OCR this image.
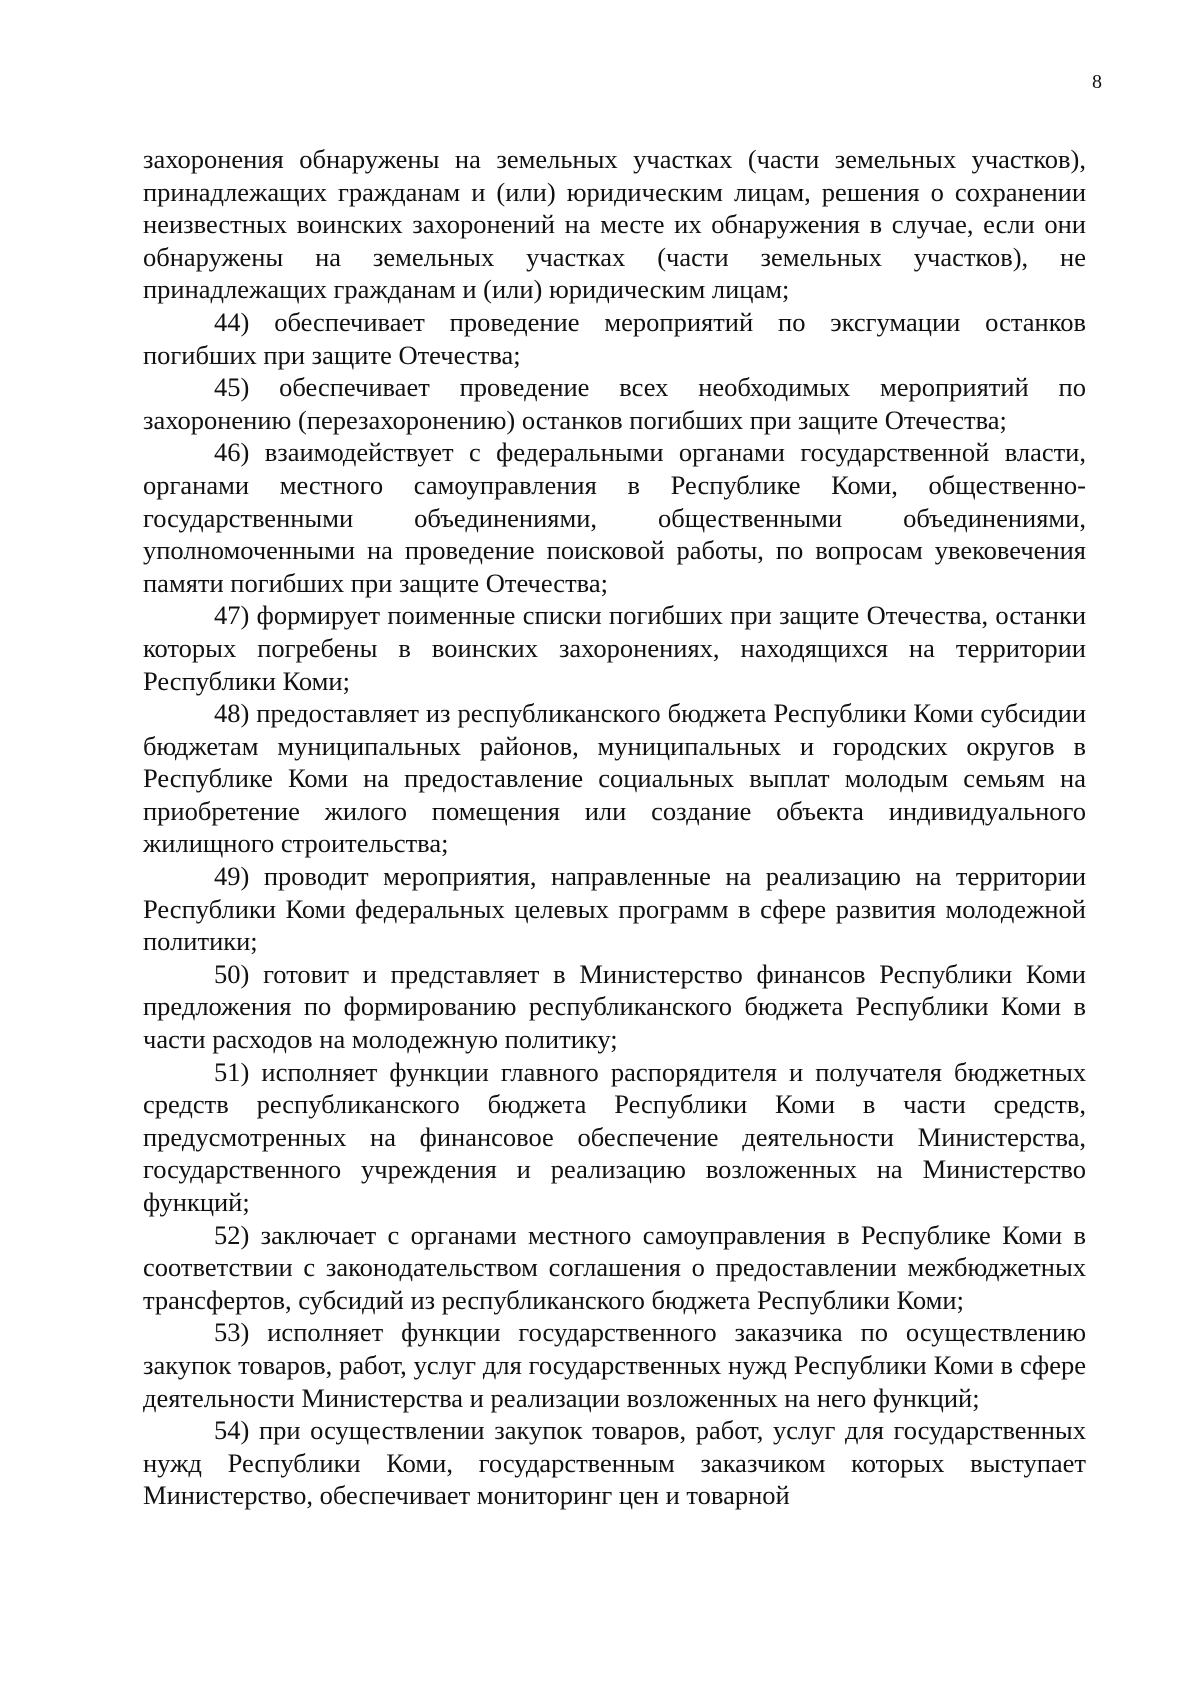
8

захоронения обнаружены на земельных участках (части земельных участков), принадлежащих гражданам и (или) юридическим лицам, решения о сохранении неизвестных воинских захоронений на месте их обнаружения в случае, если они обнаружены на земельных участках (части земельных участков), не принадлежащих гражданам и (или) юридическим лицам;

44) обеспечивает проведение мероприятий по эксгумации останков погибших при защите Отечества;

45) обеспечивает проведение всех необходимых мероприятий по захоронению (перезахоронению) останков погибших при защите Отечества;

46) взаимодействует с федеральными органами государственной власти, органами местного самоуправления в Республике Коми, общественно-государственными объединениями, общественными объединениями, уполномоченными на проведение поисковой работы, по вопросам увековечения памяти погибших при защите Отечества;

47) формирует поименные списки погибших при защите Отечества, останки которых погребены в воинских захоронениях, находящихся на территории Республики Коми;

48) предоставляет из республиканского бюджета Республики Коми субсидии бюджетам муниципальных районов, муниципальных и городских округов в Республике Коми на предоставление социальных выплат молодым семьям на приобретение жилого помещения или создание объекта индивидуального жилищного строительства;

49) проводит мероприятия, направленные на реализацию на территории Республики Коми федеральных целевых программ в сфере развития молодежной политики;

50) готовит и представляет в Министерство финансов Республики Коми предложения по формированию республиканского бюджета Республики Коми в части расходов на молодежную политику;

51) исполняет функции главного распорядителя и получателя бюджетных средств республиканского бюджета Республики Коми в части средств, предусмотренных на финансовое обеспечение деятельности Министерства, государственного учреждения и реализацию возложенных на Министерство функций;

52) заключает с органами местного самоуправления в Республике Коми в соответствии с законодательством соглашения о предоставлении межбюджетных трансфертов, субсидий из республиканского бюджета Республики Коми;

53) исполняет функции государственного заказчика по осуществлению закупок товаров, работ, услуг для государственных нужд Республики Коми в сфере деятельности Министерства и реализации возложенных на него функций;

54) при осуществлении закупок товаров, работ, услуг для государственных нужд Республики Коми, государственным заказчиком которых выступает Министерство, обеспечивает мониторинг цен и товарной
